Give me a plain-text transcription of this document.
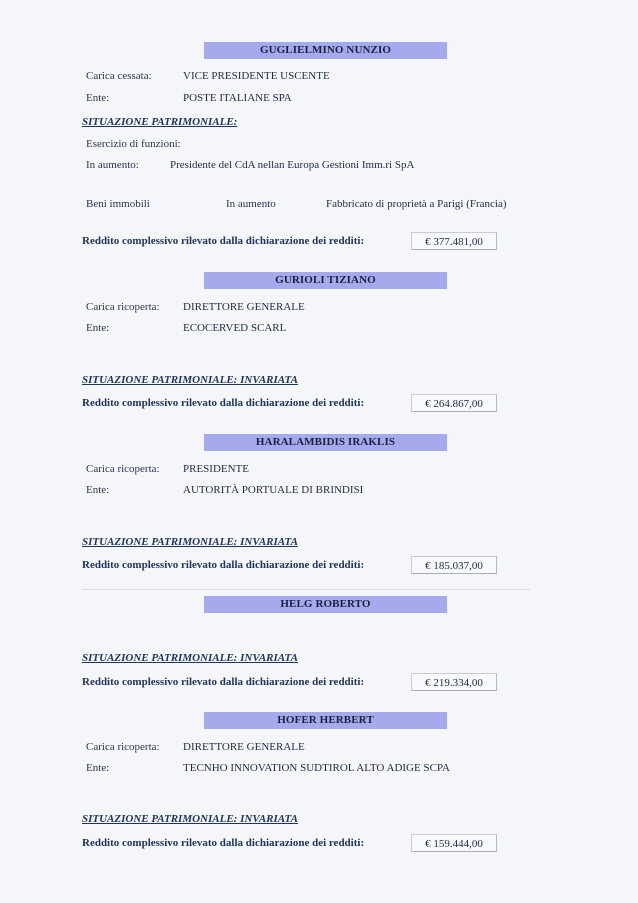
GUGLIELMINO NUNZIO
Carica cessata:	VICE PRESIDENTE USCENTE
Ente:	POSTE ITALIANE SPA
SITUAZIONE PATRIMONIALE:
Esercizio di funzioni:
In aumento:	Presidente del CdA nellan Europa Gestioni Imm.ri SpA
Beni immobili	In aumento	Fabbricato di proprietà a Parigi (Francia)
Reddito complessivo rilevato dalla dichiarazione dei redditi:	€ 377.481,00
GURIOLI TIZIANO
Carica ricoperta: DIRETTORE GENERALE
Ente:	ECOCERVED SCARL
SITUAZIONE PATRIMONIALE: INVARIATA
Reddito complessivo rilevato dalla dichiarazione dei redditi:	€ 264.867,00
HARALAMBIDIS IRAKLIS
Carica ricoperta: PRESIDENTE
Ente:	AUTORITÀ PORTUALE DI BRINDISI
SITUAZIONE PATRIMONIALE: INVARIATA
Reddito complessivo rilevato dalla dichiarazione dei redditi:	€ 185.037,00
HELG ROBERTO
SITUAZIONE PATRIMONIALE: INVARIATA
Reddito complessivo rilevato dalla dichiarazione dei redditi:	€ 219.334,00
HOFER HERBERT
Carica ricoperta: DIRETTORE GENERALE
Ente:	TECNHO INNOVATION SUDTIROL ALTO ADIGE SCPA
SITUAZIONE PATRIMONIALE: INVARIATA
Reddito complessivo rilevato dalla dichiarazione dei redditi:	€ 159.444,00
